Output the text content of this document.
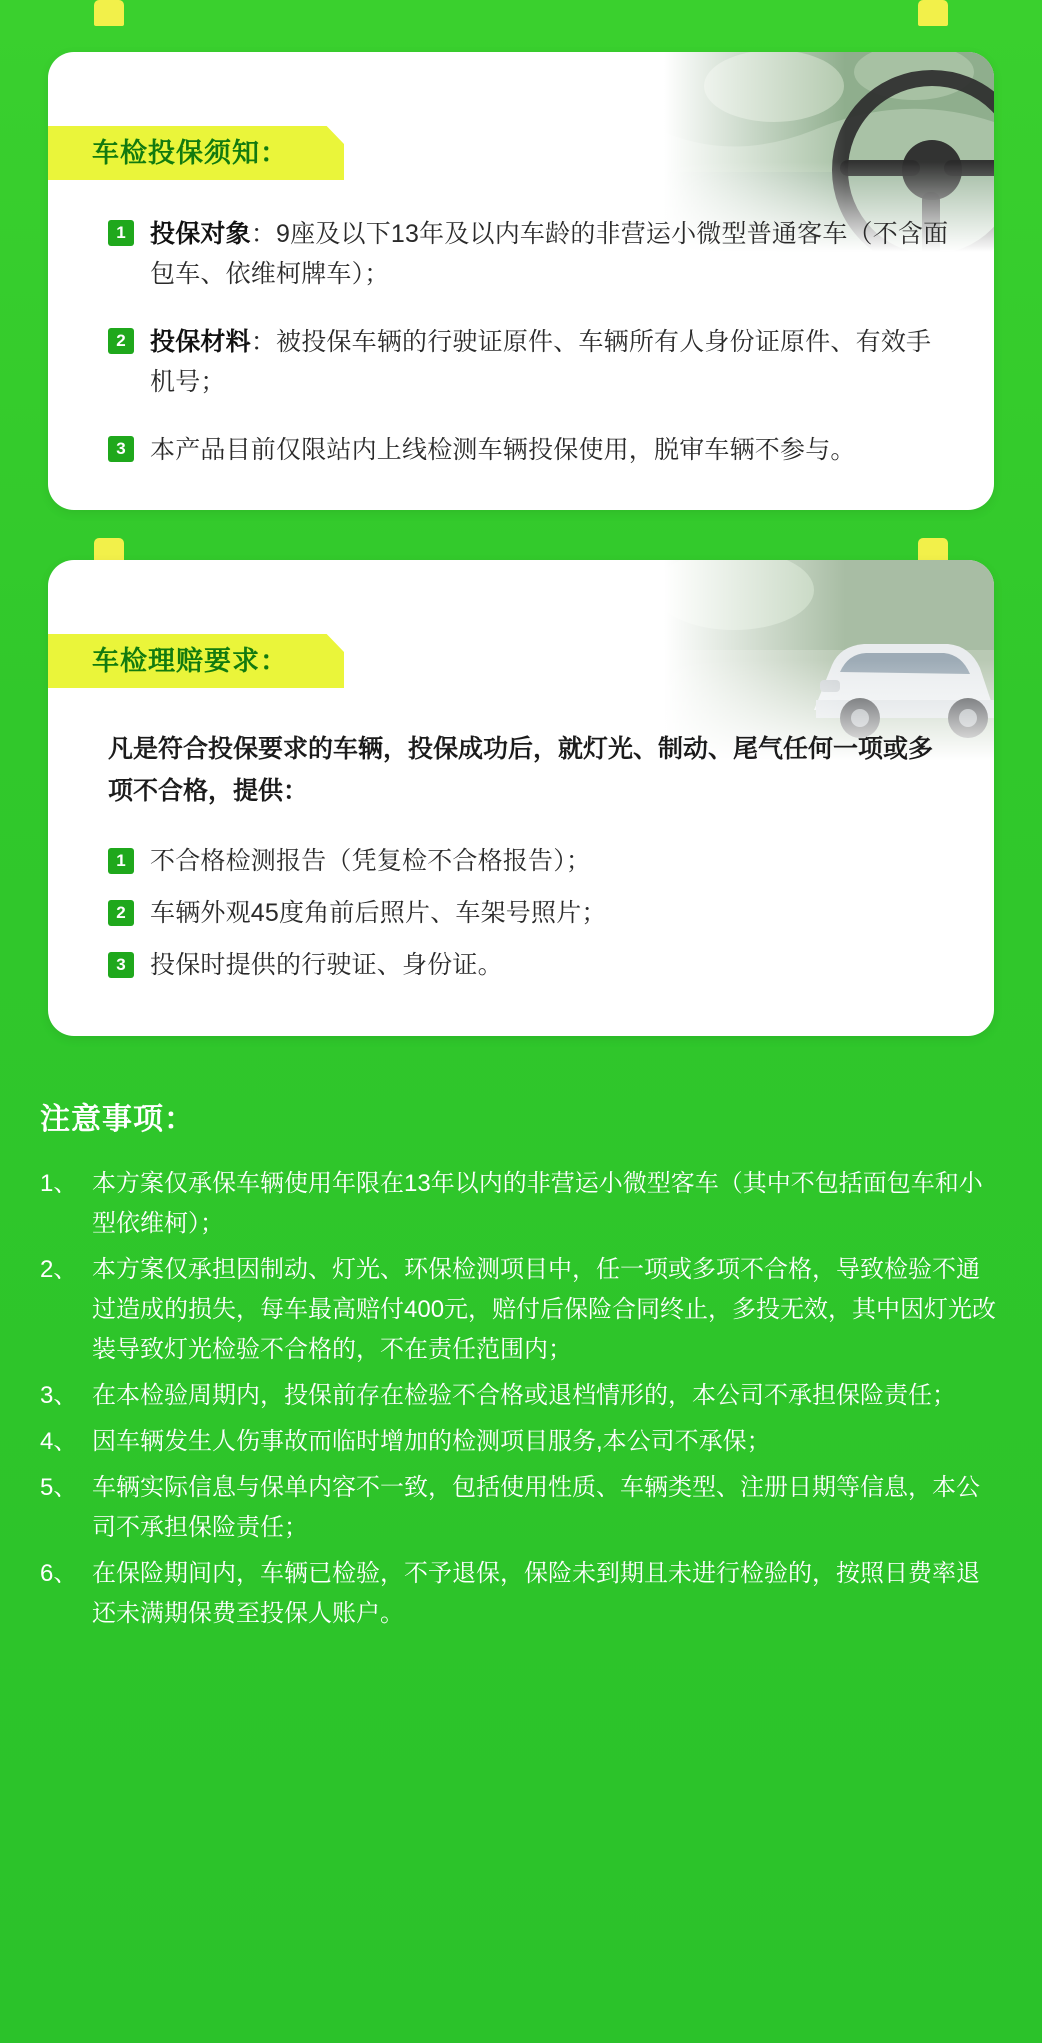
车检投保须知：
1 投保对象：9座及以下13年及以内车龄的非营运小微型普通客车（不含面包车、依维柯牌车）；
2 投保材料：被投保车辆的行驶证原件、车辆所有人身份证原件、有效手机号；
3 本产品目前仅限站内上线检测车辆投保使用，脱审车辆不参与。
车检理赔要求：
凡是符合投保要求的车辆，投保成功后，就灯光、制动、尾气任何一项或多项不合格，提供：
1 不合格检测报告（凭复检不合格报告）；
2 车辆外观45度角前后照片、车架号照片；
3 投保时提供的行驶证、身份证。
注意事项：
1、 本方案仅承保车辆使用年限在13年以内的非营运小微型客车（其中不包括面包车和小型依维柯）；
2、 本方案仅承担因制动、灯光、环保检测项目中，任一项或多项不合格，导致检验不通过造成的损失，每车最高赔付400元，赔付后保险合同终止，多投无效，其中因灯光改装导致灯光检验不合格的，不在责任范围内；
3、 在本检验周期内，投保前存在检验不合格或退档情形的，本公司不承担保险责任；
4、 因车辆发生人伤事故而临时增加的检测项目服务,本公司不承保；
5、 车辆实际信息与保单内容不一致，包括使用性质、车辆类型、注册日期等信息，本公司不承担保险责任；
6、 在保险期间内，车辆已检验，不予退保，保险未到期且未进行检验的，按照日费率退还未满期保费至投保人账户。
